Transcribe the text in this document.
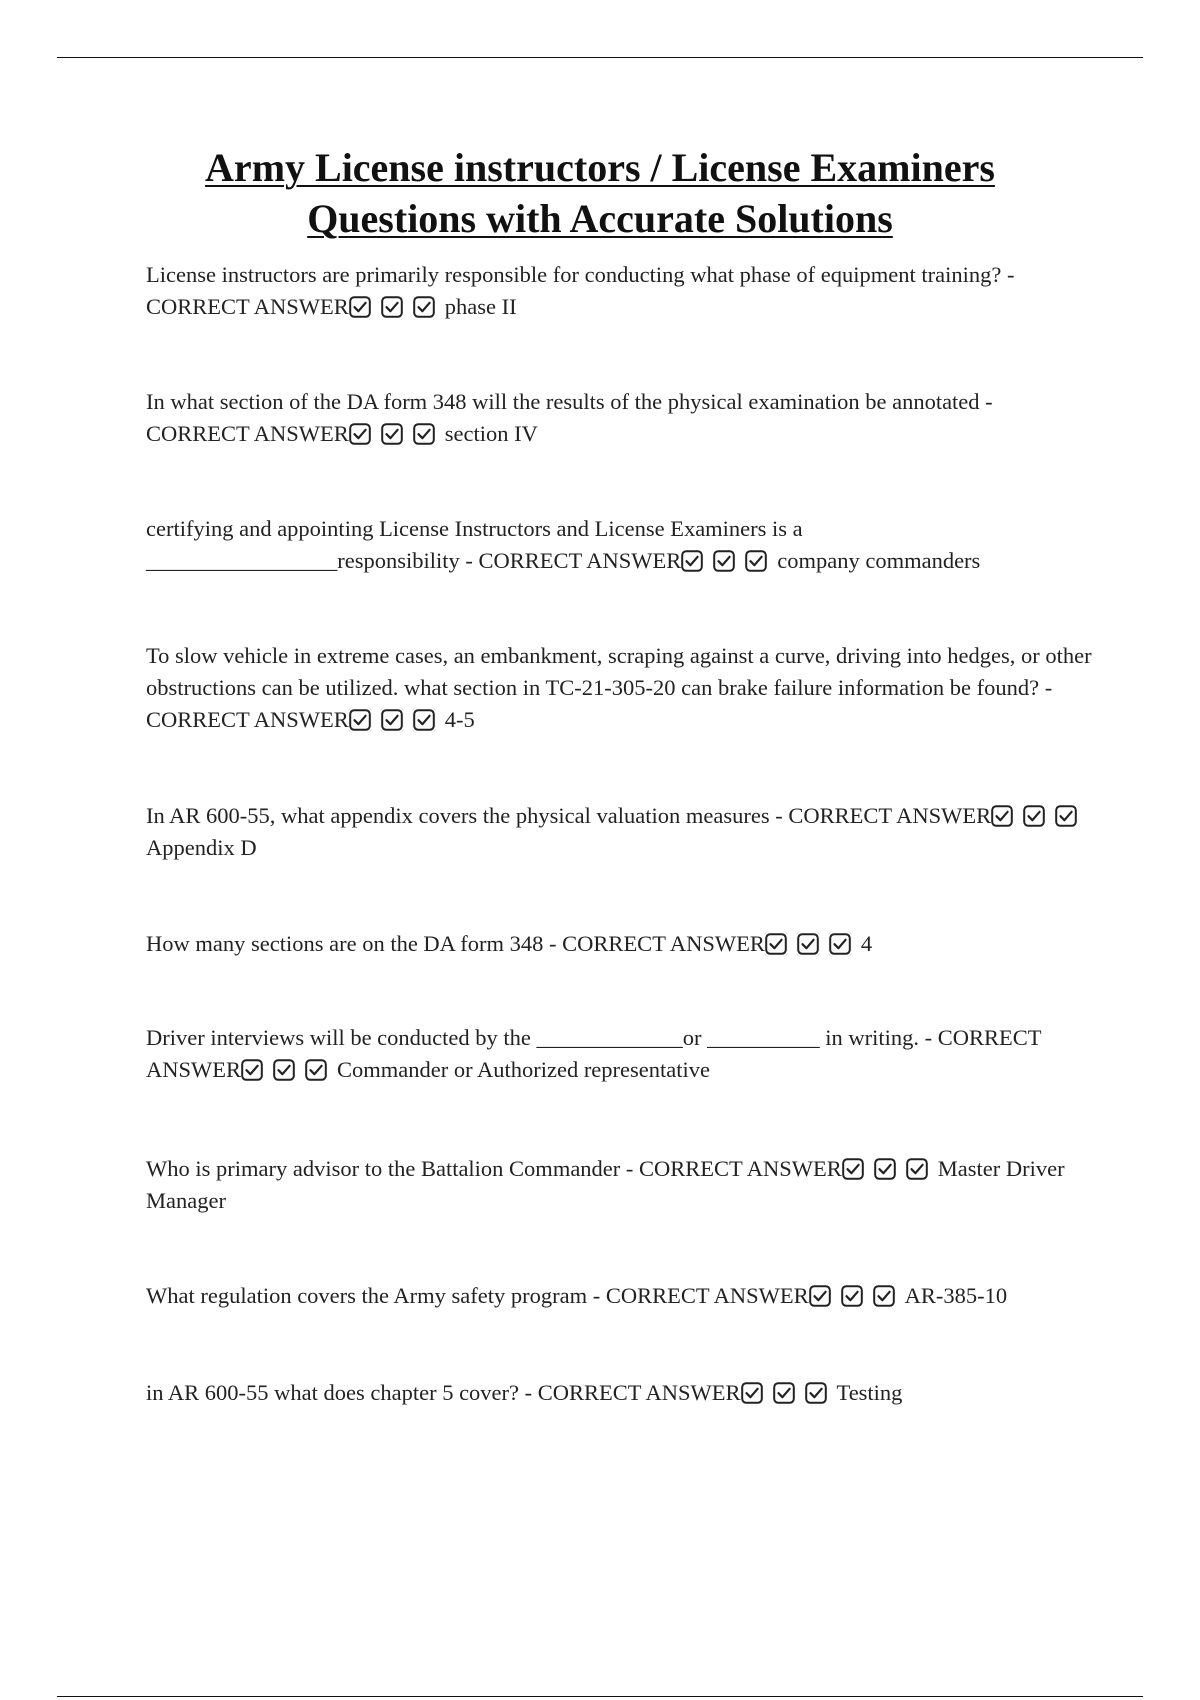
Army License instructors / License Examiners
Questions with Accurate Solutions

License instructors are primarily responsible for conducting what phase of equipment training? - CORRECT ANSWER	phase II

In what section of the DA form 348 will the results of the physical examination be annotated - CORRECT ANSWER	section IV

certifying and appointing License Instructors and License Examiners is a _________________responsibility - CORRECT ANSWER	company commanders

To slow vehicle in extreme cases, an embankment, scraping against a curve, driving into hedges, or other obstructions can be utilized. what section in TC-21-305-20 can brake failure information be found? - CORRECT ANSWER	4-5

In AR 600-55, what appendix covers the physical valuation measures - CORRECT ANSWER
Appendix D

How many sections are on the DA form 348 - CORRECT ANSWER	4

Driver interviews will be conducted by the _____________or __________ in writing. - CORRECT ANSWER	Commander or Authorized representative

Who is primary advisor to the Battalion Commander - CORRECT ANSWER	Master Driver Manager

What regulation covers the Army safety program - CORRECT ANSWER	AR-385-10

in AR 600-55 what does chapter 5 cover? - CORRECT ANSWER	Testing
